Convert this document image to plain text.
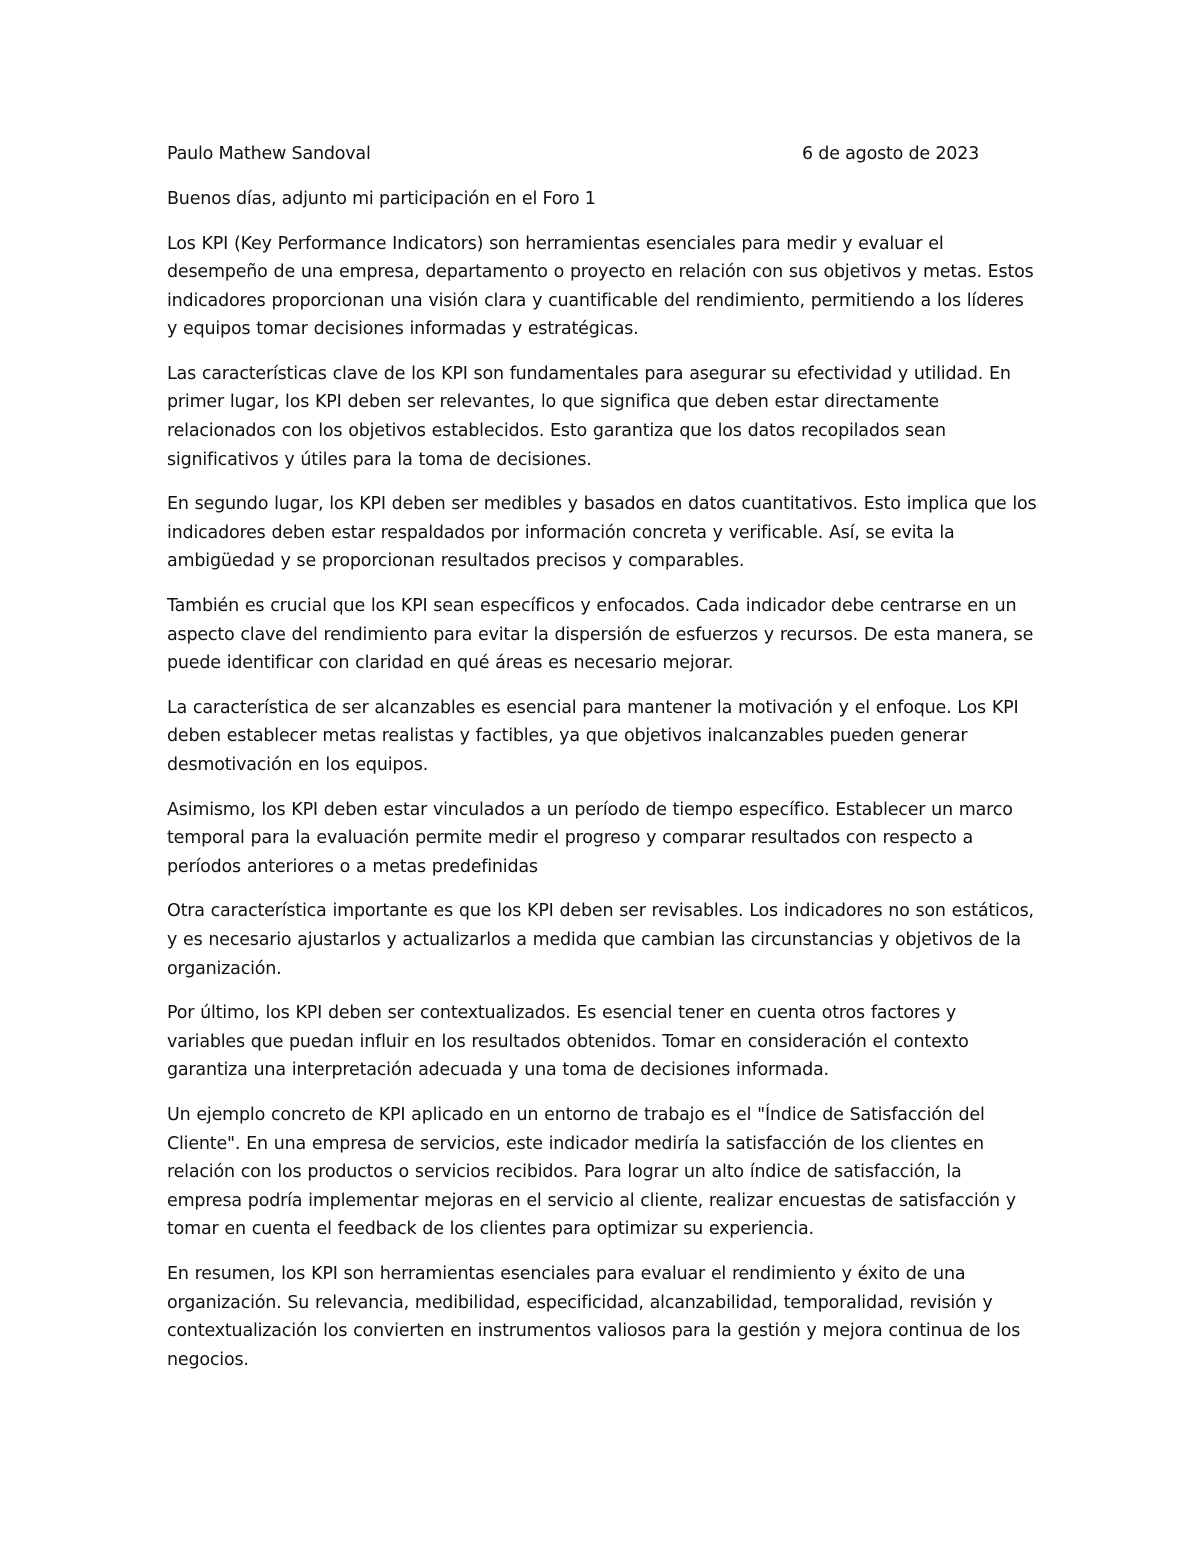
Paulo Mathew Sandoval	6 de agosto de 2023

Buenos días, adjunto mi participación en el Foro 1

Los KPI (Key Performance Indicators) son herramientas esenciales para medir y evaluar el desempeño de una empresa, departamento o proyecto en relación con sus objetivos y metas. Estos indicadores proporcionan una visión clara y cuantificable del rendimiento, permitiendo a los líderes y equipos tomar decisiones informadas y estratégicas.

Las características clave de los KPI son fundamentales para asegurar su efectividad y utilidad. En primer lugar, los KPI deben ser relevantes, lo que significa que deben estar directamente relacionados con los objetivos establecidos. Esto garantiza que los datos recopilados sean significativos y útiles para la toma de decisiones.

En segundo lugar, los KPI deben ser medibles y basados en datos cuantitativos. Esto implica que los indicadores deben estar respaldados por información concreta y verificable. Así, se evita la ambigüedad y se proporcionan resultados precisos y comparables.

También es crucial que los KPI sean específicos y enfocados. Cada indicador debe centrarse en un aspecto clave del rendimiento para evitar la dispersión de esfuerzos y recursos. De esta manera, se puede identificar con claridad en qué áreas es necesario mejorar.

La característica de ser alcanzables es esencial para mantener la motivación y el enfoque. Los KPI deben establecer metas realistas y factibles, ya que objetivos inalcanzables pueden generar desmotivación en los equipos.

Asimismo, los KPI deben estar vinculados a un período de tiempo específico. Establecer un marco temporal para la evaluación permite medir el progreso y comparar resultados con respecto a períodos anteriores o a metas predefinidas

Otra característica importante es que los KPI deben ser revisables. Los indicadores no son estáticos, y es necesario ajustarlos y actualizarlos a medida que cambian las circunstancias y objetivos de la organización.

Por último, los KPI deben ser contextualizados. Es esencial tener en cuenta otros factores y variables que puedan influir en los resultados obtenidos. Tomar en consideración el contexto garantiza una interpretación adecuada y una toma de decisiones informada.

Un ejemplo concreto de KPI aplicado en un entorno de trabajo es el "Índice de Satisfacción del Cliente". En una empresa de servicios, este indicador mediría la satisfacción de los clientes en relación con los productos o servicios recibidos. Para lograr un alto índice de satisfacción, la empresa podría implementar mejoras en el servicio al cliente, realizar encuestas de satisfacción y tomar en cuenta el feedback de los clientes para optimizar su experiencia.

En resumen, los KPI son herramientas esenciales para evaluar el rendimiento y éxito de una organización. Su relevancia, medibilidad, especificidad, alcanzabilidad, temporalidad, revisión y contextualización los convierten en instrumentos valiosos para la gestión y mejora continua de los negocios.
